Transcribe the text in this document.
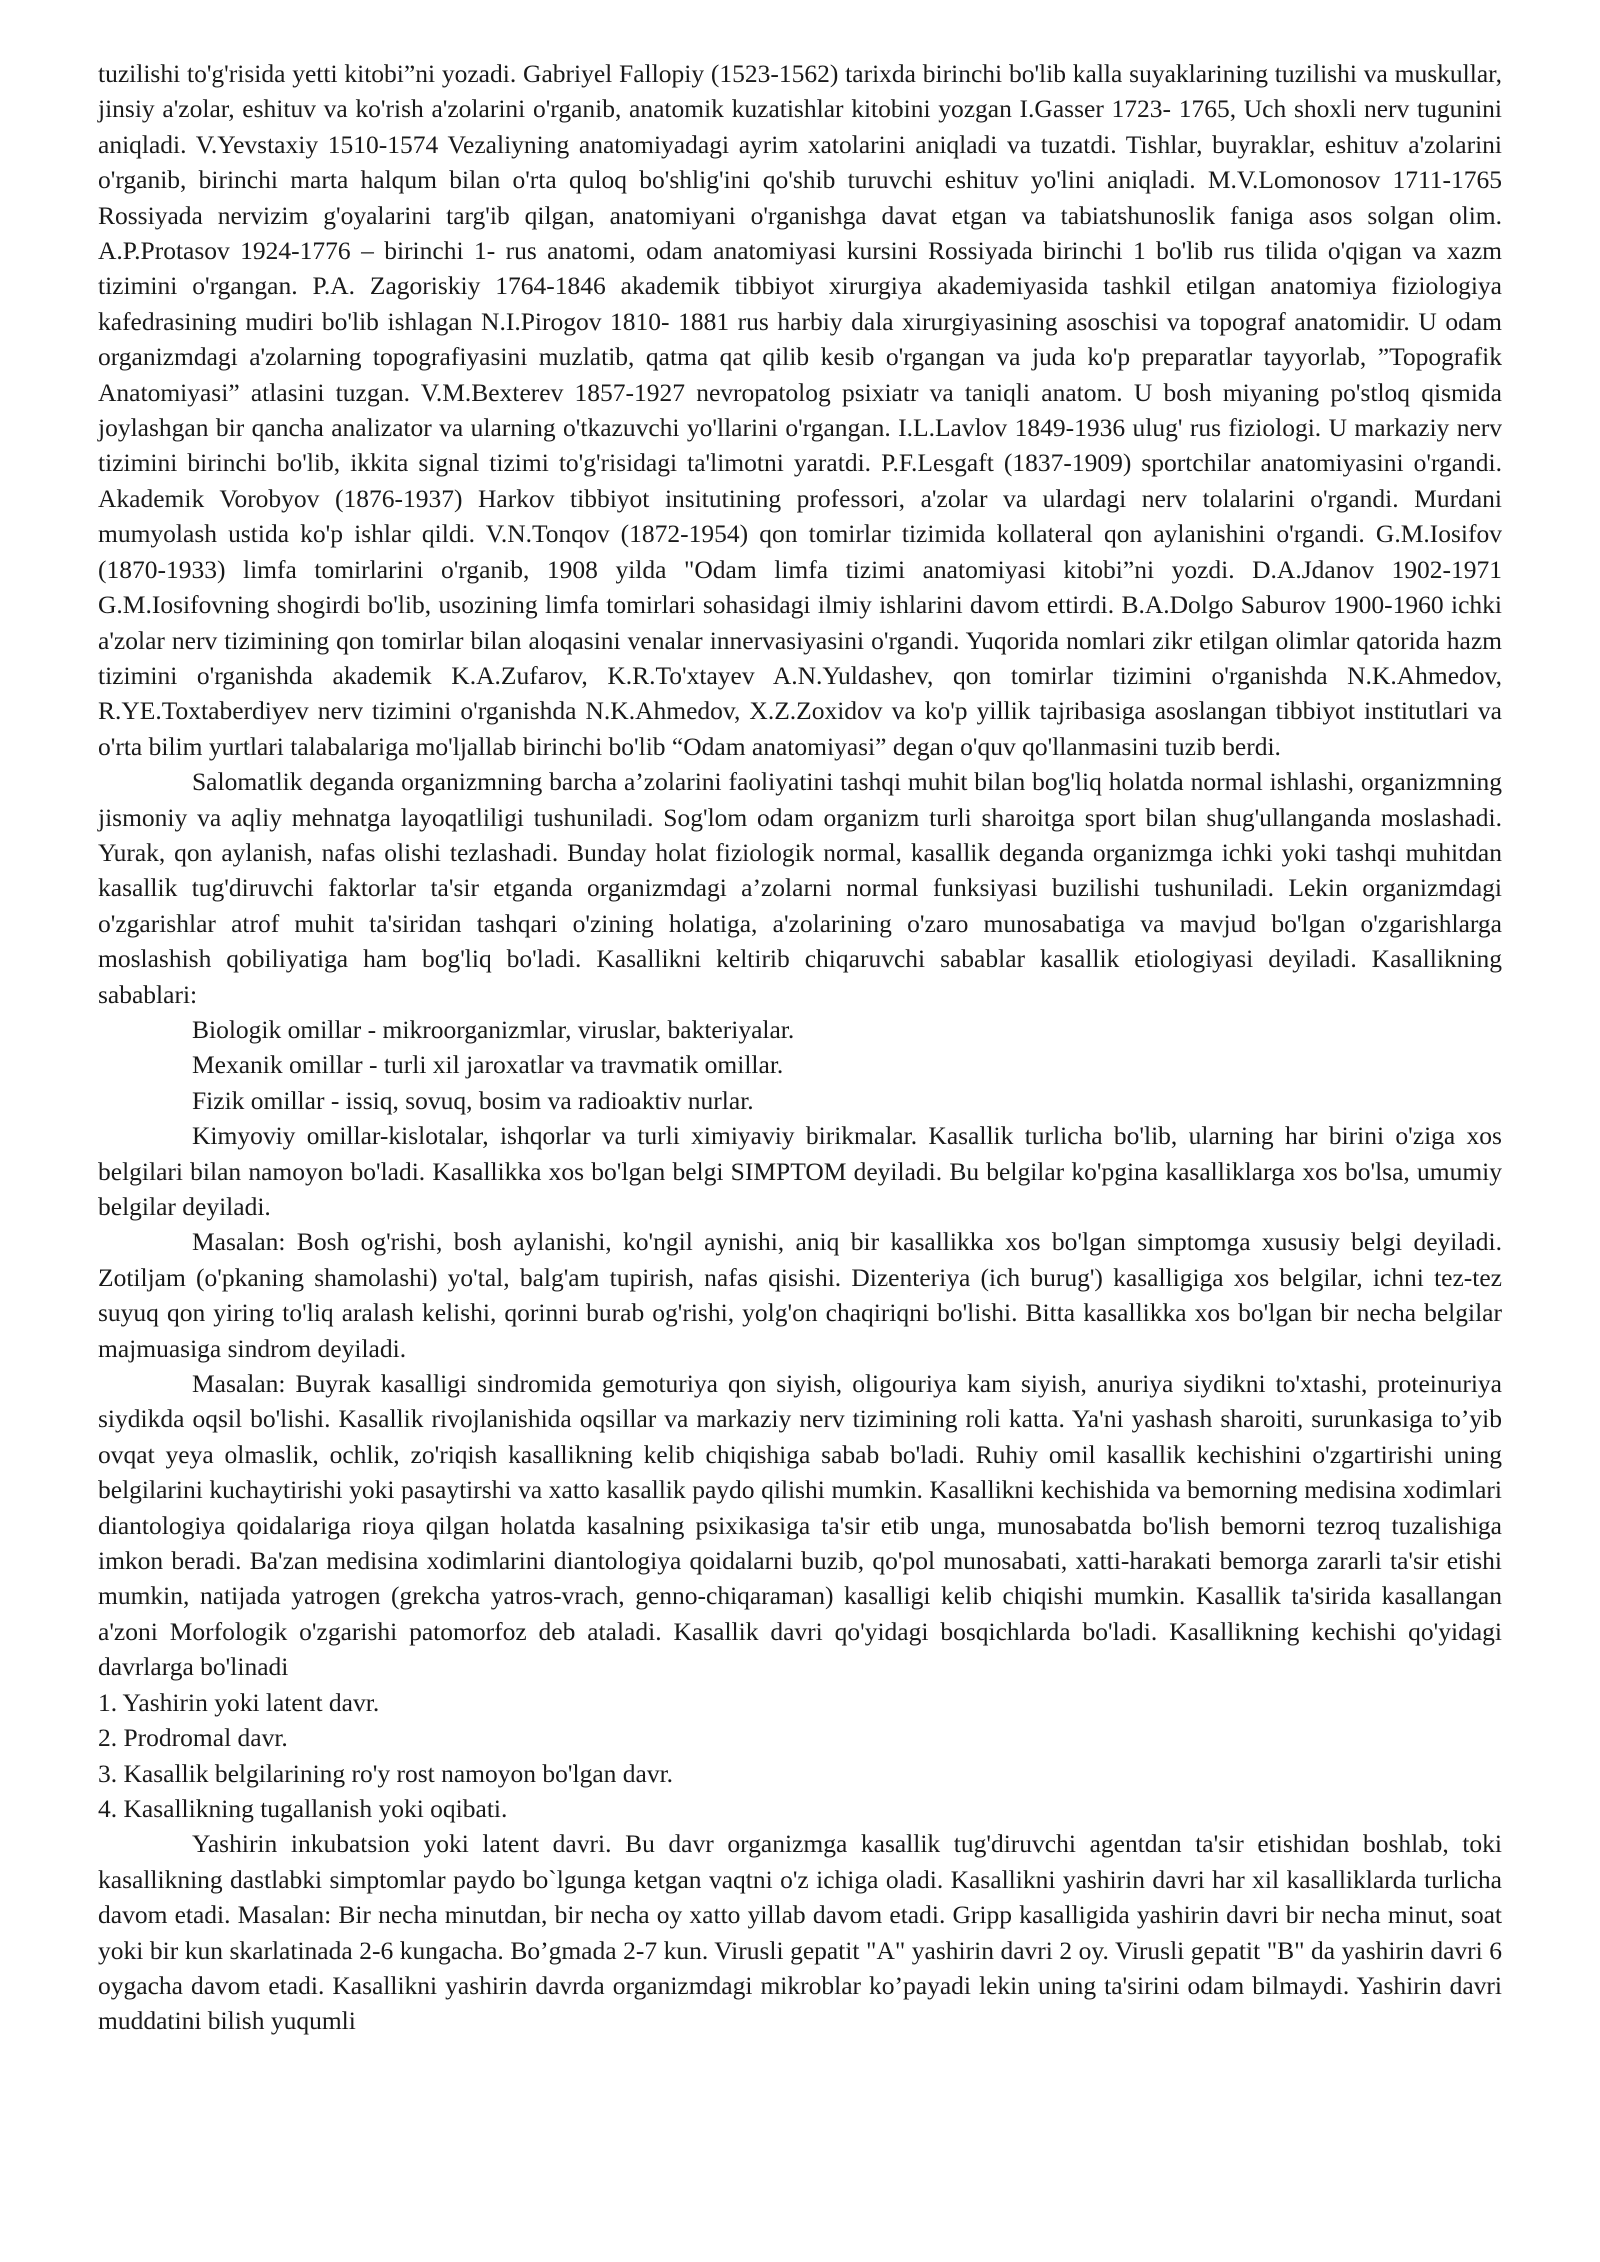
tuzilishi to'g'risida yetti kitobi”ni yozadi. Gabriyel Fallopiy (1523-1562) tarixda birinchi bo'lib kalla suyaklarining tuzilishi va muskullar, jinsiy a'zolar, eshituv va ko'rish a'zolarini o'rganib, anatomik kuzatishlar kitobini yozgan I.Gasser 1723- 1765, Uch shoxli nerv tugunini aniqladi. V.Yevstaxiy 1510-1574 Vezaliyning anatomiyadagi ayrim xatolarini aniqladi va tuzatdi. Tishlar, buyraklar, eshituv a'zolarini o'rganib, birinchi marta halqum bilan o'rta quloq bo'shlig'ini qo'shib turuvchi eshituv yo'lini aniqladi. M.V.Lomonosov 1711-1765 Rossiyada nervizim g'oyalarini targ'ib qilgan, anatomiyani o'rganishga davat etgan va tabiatshunoslik faniga asos solgan olim. A.P.Protasov 1924-1776 – birinchi 1- rus anatomi, odam anatomiyasi kursini Rossiyada birinchi 1 bo'lib rus tilida o'qigan va xazm tizimini o'rgangan. P.A. Zagoriskiy 1764-1846 akademik tibbiyot xirurgiya akademiyasida tashkil etilgan anatomiya fiziologiya kafedrasining mudiri bo'lib ishlagan N.I.Pirogov 1810- 1881 rus harbiy dala xirurgiyasining asoschisi va topograf anatomidir. U odam organizmdagi a'zolarning topografiyasini muzlatib, qatma qat qilib kesib o'rgangan va juda ko'p preparatlar tayyorlab, ”Topografik Anatomiyasi” atlasini tuzgan. V.M.Bexterev 1857-1927 nevropatolog psixiatr va taniqli anatom. U bosh miyaning po'stloq qismida joylashgan bir qancha analizator va ularning o'tkazuvchi yo'llarini o'rgangan. I.L.Lavlov 1849-1936 ulug' rus fiziologi. U markaziy nerv tizimini birinchi bo'lib, ikkita signal tizimi to'g'risidagi ta'limotni yaratdi. P.F.Lesgaft (1837-1909) sportchilar anatomiyasini o'rgandi. Akademik Vorobyov (1876-1937) Harkov tibbiyot insitutining professori, a'zolar va ulardagi nerv tolalarini o'rgandi. Murdani mumyolash ustida ko'p ishlar qildi. V.N.Tonqov (1872-1954) qon tomirlar tizimida kollateral qon aylanishini o'rgandi. G.M.Iosifov (1870-1933) limfa tomirlarini o'rganib, 1908 yilda "Odam limfa tizimi anatomiyasi kitobi”ni yozdi. D.A.Jdanov 1902-1971 G.M.Iosifovning shogirdi bo'lib, usozining limfa tomirlari sohasidagi ilmiy ishlarini davom ettirdi. B.A.Dolgo Saburov 1900-1960 ichki a'zolar nerv tizimining qon tomirlar bilan aloqasini venalar innervasiyasini o'rgandi. Yuqorida nomlari zikr etilgan olimlar qatorida hazm tizimini o'rganishda akademik K.A.Zufarov, K.R.To'xtayev A.N.Yuldashev, qon tomirlar tizimini o'rganishda N.K.Ahmedov, R.YE.Toxtaberdiyev nerv tizimini o'rganishda N.K.Ahmedov, X.Z.Zoxidov va ko'p yillik tajribasiga asoslangan tibbiyot institutlari va o'rta bilim yurtlari talabalariga mo'ljallab birinchi bo'lib “Odam anatomiyasi” degan o'quv qo'llanmasini tuzib berdi.

Salomatlik deganda organizmning barcha a’zolarini faoliyatini tashqi muhit bilan bog'liq holatda normal ishlashi, organizmning jismoniy va aqliy mehnatga layoqatliligi tushuniladi. Sog'lom odam organizm turli sharoitga sport bilan shug'ullanganda moslashadi. Yurak, qon aylanish, nafas olishi tezlashadi. Bunday holat fiziologik normal, kasallik deganda organizmga ichki yoki tashqi muhitdan kasallik tug'diruvchi faktorlar ta'sir etganda organizmdagi a’zolarni normal funksiyasi buzilishi tushuniladi. Lekin organizmdagi o'zgarishlar atrof muhit ta'siridan tashqari o'zining holatiga, a'zolarining o'zaro munosabatiga va mavjud bo'lgan o'zgarishlarga moslashish qobiliyatiga ham bog'liq bo'ladi. Kasallikni keltirib chiqaruvchi sabablar kasallik etiologiyasi deyiladi. Kasallikning sabablari:

Biologik omillar - mikroorganizmlar, viruslar, bakteriyalar.

Mexanik omillar - turli xil jaroxatlar va travmatik omillar.

Fizik omillar - issiq, sovuq, bosim va radioaktiv nurlar.

Kimyoviy omillar-kislotalar, ishqorlar va turli ximiyaviy birikmalar. Kasallik turlicha bo'lib, ularning har birini o'ziga xos belgilari bilan namoyon bo'ladi. Kasallikka xos bo'lgan belgi SIMPTOM deyiladi. Bu belgilar ko'pgina kasalliklarga xos bo'lsa, umumiy belgilar deyiladi.

Masalan: Bosh og'rishi, bosh aylanishi, ko'ngil aynishi, aniq bir kasallikka xos bo'lgan simptomga xususiy belgi deyiladi. Zotiljam (o'pkaning shamolashi) yo'tal, balg'am tupirish, nafas qisishi. Dizenteriya (ich burug') kasalligiga xos belgilar, ichni tez-tez suyuq qon yiring to'liq aralash kelishi, qorinni burab og'rishi, yolg'on chaqiriqni bo'lishi. Bitta kasallikka xos bo'lgan bir necha belgilar majmuasiga sindrom deyiladi.

Masalan: Buyrak kasalligi sindromida gemoturiya qon siyish, oligouriya kam siyish, anuriya siydikni to'xtashi, proteinuriya siydikda oqsil bo'lishi. Kasallik rivojlanishida oqsillar va markaziy nerv tizimining roli katta. Ya'ni yashash sharoiti, surunkasiga to’yib ovqat yeya olmaslik, ochlik, zo'riqish kasallikning kelib chiqishiga sabab bo'ladi. Ruhiy omil kasallik kechishini o'zgartirishi uning belgilarini kuchaytirishi yoki pasaytirshi va xatto kasallik paydo qilishi mumkin. Kasallikni kechishida va bemorning medisina xodimlari diantologiya qoidalariga rioya qilgan holatda kasalning psixikasiga ta'sir etib unga, munosabatda bo'lish bemorni tezroq tuzalishiga imkon beradi. Ba'zan medisina xodimlarini diantologiya qoidalarni buzib, qo'pol munosabati, xatti-harakati bemorga zararli ta'sir etishi mumkin, natijada yatrogen (grekcha yatros-vrach, genno-chiqaraman) kasalligi kelib chiqishi mumkin. Kasallik ta'sirida kasallangan a'zoni Morfologik o'zgarishi patomorfoz deb ataladi. Kasallik davri qo'yidagi bosqichlarda bo'ladi. Kasallikning kechishi qo'yidagi davrlarga bo'linadi

1. Yashirin yoki latent davr.

2. Prodromal davr.

3. Kasallik belgilarining ro'y rost namoyon bo'lgan davr.

4. Kasallikning tugallanish yoki oqibati.

Yashirin inkubatsion yoki latent davri. Bu davr organizmga kasallik tug'diruvchi agentdan ta'sir etishidan boshlab, toki kasallikning dastlabki simptomlar paydo bo`lgunga ketgan vaqtni o'z ichiga oladi. Kasallikni yashirin davri har xil kasalliklarda turlicha davom etadi. Masalan: Bir necha minutdan, bir necha oy xatto yillab davom etadi. Gripp kasalligida yashirin davri bir necha minut, soat yoki bir kun skarlatinada 2-6 kungacha. Bo’gmada 2-7 kun. Virusli gepatit "A" yashirin davri 2 oy. Virusli gepatit "B" da yashirin davri 6 oygacha davom etadi. Kasallikni yashirin davrda organizmdagi mikroblar ko’payadi lekin uning ta'sirini odam bilmaydi. Yashirin davri muddatini bilish yuqumli
